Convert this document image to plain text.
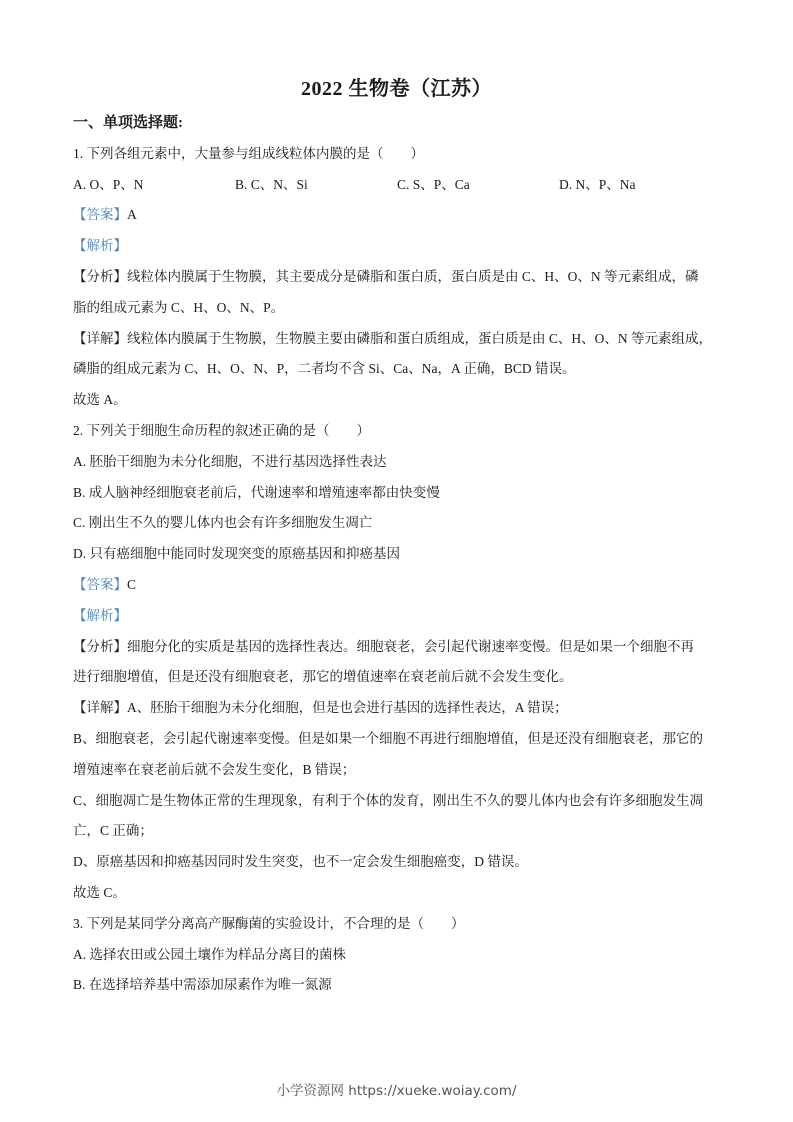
2022 生物卷（江苏）
一、单项选择题:
1. 下列各组元素中，大量参与组成线粒体内膜的是（　　）
A. O、P、N	B. C、N、Si	C. S、P、Ca	D. N、P、Na
【答案】A
【解析】
【分析】线粒体内膜属于生物膜，其主要成分是磷脂和蛋白质，蛋白质是由 C、H、O、N 等元素组成，磷
脂的组成元素为 C、H、O、N、P。
【详解】线粒体内膜属于生物膜，生物膜主要由磷脂和蛋白质组成，蛋白质是由 C、H、O、N 等元素组成，
磷脂的组成元素为 C、H、O、N、P，二者均不含 Si、Ca、Na，A 正确，BCD 错误。
故选 A。
2. 下列关于细胞生命历程的叙述正确的是（　　）
A. 胚胎干细胞为未分化细胞，不进行基因选择性表达
B. 成人脑神经细胞衰老前后，代谢速率和增殖速率都由快变慢
C. 刚出生不久的婴儿体内也会有许多细胞发生凋亡
D. 只有癌细胞中能同时发现突变的原癌基因和抑癌基因
【答案】C
【解析】
【分析】细胞分化的实质是基因的选择性表达。细胞衰老，会引起代谢速率变慢。但是如果一个细胞不再
进行细胞增值，但是还没有细胞衰老，那它的增值速率在衰老前后就不会发生变化。
【详解】A、胚胎干细胞为未分化细胞，但是也会进行基因的选择性表达，A 错误；
B、细胞衰老，会引起代谢速率变慢。但是如果一个细胞不再进行细胞增值，但是还没有细胞衰老，那它的
增殖速率在衰老前后就不会发生变化，B 错误；
C、细胞凋亡是生物体正常的生理现象，有利于个体的发育，刚出生不久的婴儿体内也会有许多细胞发生凋
亡，C 正确；
D、原癌基因和抑癌基因同时发生突变，也不一定会发生细胞癌变，D 错误。
故选 C。
3. 下列是某同学分离高产脲酶菌的实验设计，不合理的是（　　）
A. 选择农田或公园土壤作为样品分离目的菌株
B. 在选择培养基中需添加尿素作为唯一氮源
小学资源网 https://xueke.woiay.com/
